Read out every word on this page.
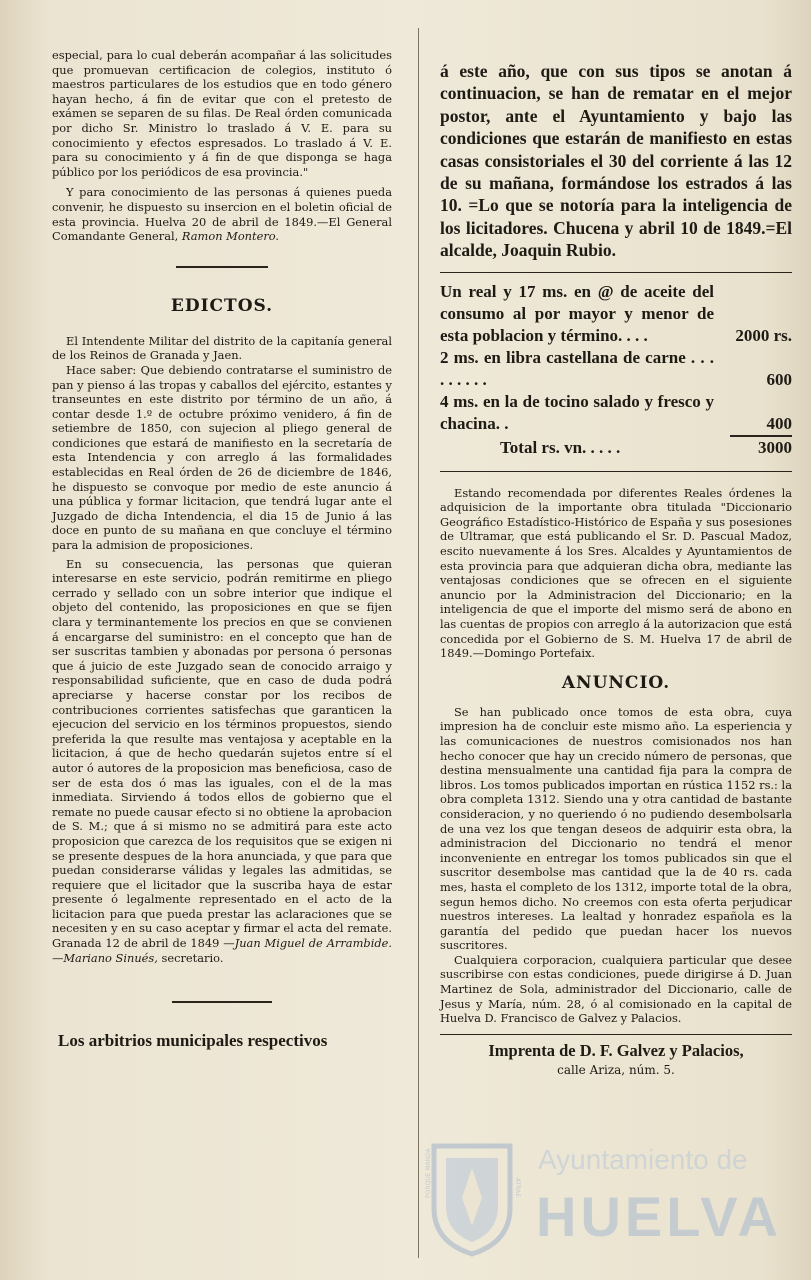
especial, para lo cual deberán acompañar á las solicitudes que promuevan certificacion de colegios, instituto ó maestros particulares de los estudios que en todo género hayan hecho, á fin de evitar que con el pretesto de exámen se separen de su filas. De Real órden comunicada por dicho Sr. Ministro lo traslado á V. E. para su conocimiento y efectos espresados. Lo traslado á V. E. para su conocimiento y á fin de que disponga se haga público por los periódicos de esa provincia."

Y para conocimiento de las personas á quienes pueda convenir, he dispuesto su insercion en el boletin oficial de esta provincia. Huelva 20 de abril de 1849.—El General Comandante General, Ramon Montero.

EDICTOS.

El Intendente Militar del distrito de la capitanía general de los Reinos de Granada y Jaen.

Hace saber: Que debiendo contratarse el suministro de pan y pienso á las tropas y caballos del ejército, estantes y transeuntes en este distrito por término de un año, á contar desde 1.º de octubre próximo venidero, á fin de setiembre de 1850, con sujecion al pliego general de condiciones que estará de manifiesto en la secretaría de esta Intendencia y con arreglo á las formalidades establecidas en Real órden de 26 de diciembre de 1846, he dispuesto se convoque por medio de este anuncio á una pública y formar licitacion, que tendrá lugar ante el Juzgado de dicha Intendencia, el dia 15 de Junio á las doce en punto de su mañana en que concluye el término para la admision de proposiciones.

En su consecuencia, las personas que quieran interesarse en este servicio, podrán remitirme en pliego cerrado y sellado con un sobre interior que indique el objeto del contenido, las proposiciones en que se fijen clara y terminantemente los precios en que se convienen á encargarse del suministro: en el concepto que han de ser suscritas tambien y abonadas por persona ó personas que á juicio de este Juzgado sean de conocido arraigo y responsabilidad suficiente, que en caso de duda podrá apreciarse y hacerse constar por los recibos de contribuciones corrientes satisfechas que garanticen la ejecucion del servicio en los términos propuestos, siendo preferida la que resulte mas ventajosa y aceptable en la licitacion, á que de hecho quedarán sujetos entre sí el autor ó autores de la proposicion mas beneficiosa, caso de ser de esta dos ó mas las iguales, con el de la mas inmediata. Sirviendo á todos ellos de gobierno que el remate no puede causar efecto si no obtiene la aprobacion de S. M.; que á si mismo no se admitirá para este acto proposicion que carezca de los requisitos que se exigen ni se presente despues de la hora anunciada, y que para que puedan considerarse válidas y legales las admitidas, se requiere que el licitador que la suscriba haya de estar presente ó legalmente representado en el acto de la licitacion para que pueda prestar las aclaraciones que se necesiten y en su caso aceptar y firmar el acta del remate. Granada 12 de abril de 1849 —Juan Miguel de Arrambide.—Mariano Sinués, secretario.

Los arbitrios municipales respectivos

á este año, que con sus tipos se anotan á continuacion, se han de rematar en el mejor postor, ante el Ayuntamiento y bajo las condiciones que estarán de manifiesto en estas casas consistoriales el 30 del corriente á las 12 de su mañana, formándose los estrados á las 10. =Lo que se notoría para la inteligencia de los licitadores. Chucena y abril 10 de 1849.=El alcalde, Joaquin Rubio.

Un real y 17 ms. en @ de aceite del consumo al por mayor y menor de esta poblacion y término. . . .	2000 rs.
2 ms. en libra castellana de carne . . . . . . . . .	600
4 ms. en la de tocino salado y fresco y chacina. .	400

Total rs. vn. . . . .	3000

Estando recomendada por diferentes Reales órdenes la adquisicion de la importante obra titulada "Diccionario Geográfico Estadístico-Histórico de España y sus posesiones de Ultramar, que está publicando el Sr. D. Pascual Madoz, escito nuevamente á los Sres. Alcaldes y Ayuntamientos de esta provincia para que adquieran dicha obra, mediante las ventajosas condiciones que se ofrecen en el siguiente anuncio por la Administracion del Diccionario; en la inteligencia de que el importe del mismo será de abono en las cuentas de propios con arreglo á la autorizacion que está concedida por el Gobierno de S. M. Huelva 17 de abril de 1849.—Domingo Portefaix.

ANUNCIO.

Se han publicado once tomos de esta obra, cuya impresion ha de concluir este mismo año. La esperiencia y las comunicaciones de nuestros comisionados nos han hecho conocer que hay un crecido número de personas, que destina mensualmente una cantidad fija para la compra de libros. Los tomos publicados importan en rústica 1152 rs.: la obra completa 1312. Siendo una y otra cantidad de bastante consideracion, y no queriendo ó no pudiendo desembolsarla de una vez los que tengan deseos de adquirir esta obra, la administracion del Diccionario no tendrá el menor inconveniente en entregar los tomos publicados sin que el suscritor desembolse mas cantidad que la de 40 rs. cada mes, hasta el completo de los 1312, importe total de la obra, segun hemos dicho. No creemos con esta oferta perjudicar nuestros intereses. La lealtad y honradez española es la garantía del pedido que puedan hacer los nuevos suscritores.

Cualquiera corporacion, cualquiera particular que desee suscribirse con estas condiciones, puede dirigirse á D. Juan Martinez de Sola, administrador del Diccionario, calle de Jesus y María, núm. 28, ó al comisionado en la capital de Huelva D. Francisco de Galvez y Palacios.

Imprenta de D. F. Galvez y Palacios,
calle Ariza, núm. 5.
PORQUE MANDA	ATRAE
Ayuntamiento de
HUELVA
